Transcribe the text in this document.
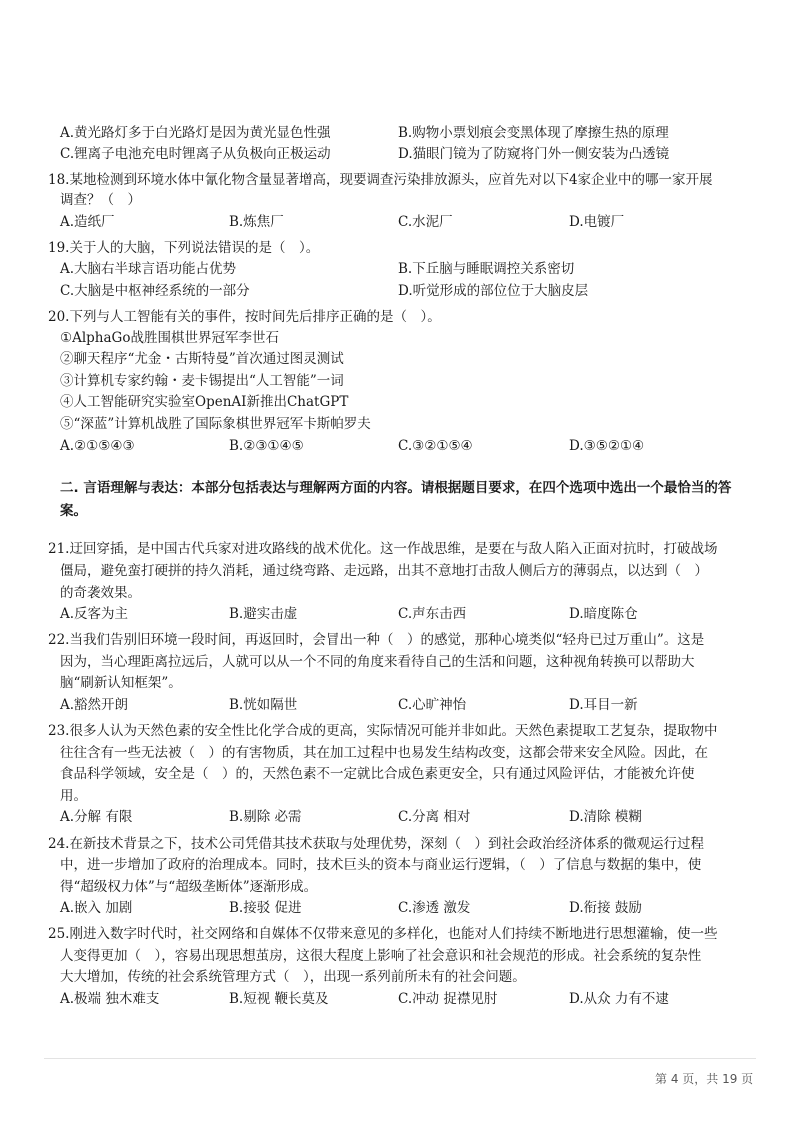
A.黄光路灯多于白光路灯是因为黄光显色性强	B.购物小票划痕会变黑体现了摩擦生热的原理
C.锂离子电池充电时锂离子从负极向正极运动	D.猫眼门镜为了防窥将门外一侧安装为凸透镜
18.某地检测到环境水体中氰化物含量显著增高，现要调查污染排放源头，应首先对以下4家企业中的哪一家开展
调查？（　）
A.造纸厂	B.炼焦厂	C.水泥厂	D.电镀厂
19.关于人的大脑，下列说法错误的是（　）。
A.大脑右半球言语功能占优势	B.下丘脑与睡眠调控关系密切
C.大脑是中枢神经系统的一部分	D.听觉形成的部位位于大脑皮层
20.下列与人工智能有关的事件，按时间先后排序正确的是（　）。
①AlphaGo战胜围棋世界冠军李世石
②聊天程序“尤金・古斯特曼”首次通过图灵测试
③计算机专家约翰・麦卡锡提出“人工智能”一词
④人工智能研究实验室OpenAI新推出ChatGPT
⑤“深蓝”计算机战胜了国际象棋世界冠军卡斯帕罗夫
A.②①⑤④③	B.②③①④⑤	C.③②①⑤④	D.③⑤②①④
二. 言语理解与表达：本部分包括表达与理解两方面的内容。请根据题目要求，在四个选项中选出一个最恰当的答案。
21.迂回穿插，是中国古代兵家对进攻路线的战术优化。这一作战思维，是要在与敌人陷入正面对抗时，打破战场
僵局，避免蛮打硬拼的持久消耗，通过绕弯路、走远路，出其不意地打击敌人侧后方的薄弱点，以达到（　）
的奇袭效果。
A.反客为主	B.避实击虚	C.声东击西	D.暗度陈仓
22.当我们告别旧环境一段时间，再返回时，会冒出一种（　）的感觉，那种心境类似“轻舟已过万重山”。这是
因为，当心理距离拉远后，人就可以从一个不同的角度来看待自己的生活和问题，这种视角转换可以帮助大
脑“刷新认知框架”。
A.豁然开朗	B.恍如隔世	C.心旷神怡	D.耳目一新
23.很多人认为天然色素的安全性比化学合成的更高，实际情况可能并非如此。天然色素提取工艺复杂，提取物中
往往含有一些无法被（　）的有害物质，其在加工过程中也易发生结构改变，这都会带来安全风险。因此，在
食品科学领域，安全是（　）的，天然色素不一定就比合成色素更安全，只有通过风险评估，才能被允许使
用。
A.分解 有限	B.剔除 必需	C.分离 相对	D.清除 模糊
24.在新技术背景之下，技术公司凭借其技术获取与处理优势，深刻（　）到社会政治经济体系的微观运行过程
中，进一步增加了政府的治理成本。同时，技术巨头的资本与商业运行逻辑，（　）了信息与数据的集中，使
得“超级权力体”与“超级垄断体”逐渐形成。
A.嵌入 加剧	B.接驳 促进	C.渗透 激发	D.衔接 鼓励
25.刚进入数字时代时，社交网络和自媒体不仅带来意见的多样化，也能对人们持续不断地进行思想灌输，使一些
人变得更加（　），容易出现思想茧房，这很大程度上影响了社会意识和社会规范的形成。社会系统的复杂性
大大增加，传统的社会系统管理方式（　），出现一系列前所未有的社会问题。
A.极端 独木难支	B.短视 鞭长莫及	C.冲动 捉襟见肘	D.从众 力有不逮
第 4 页，共 19 页
